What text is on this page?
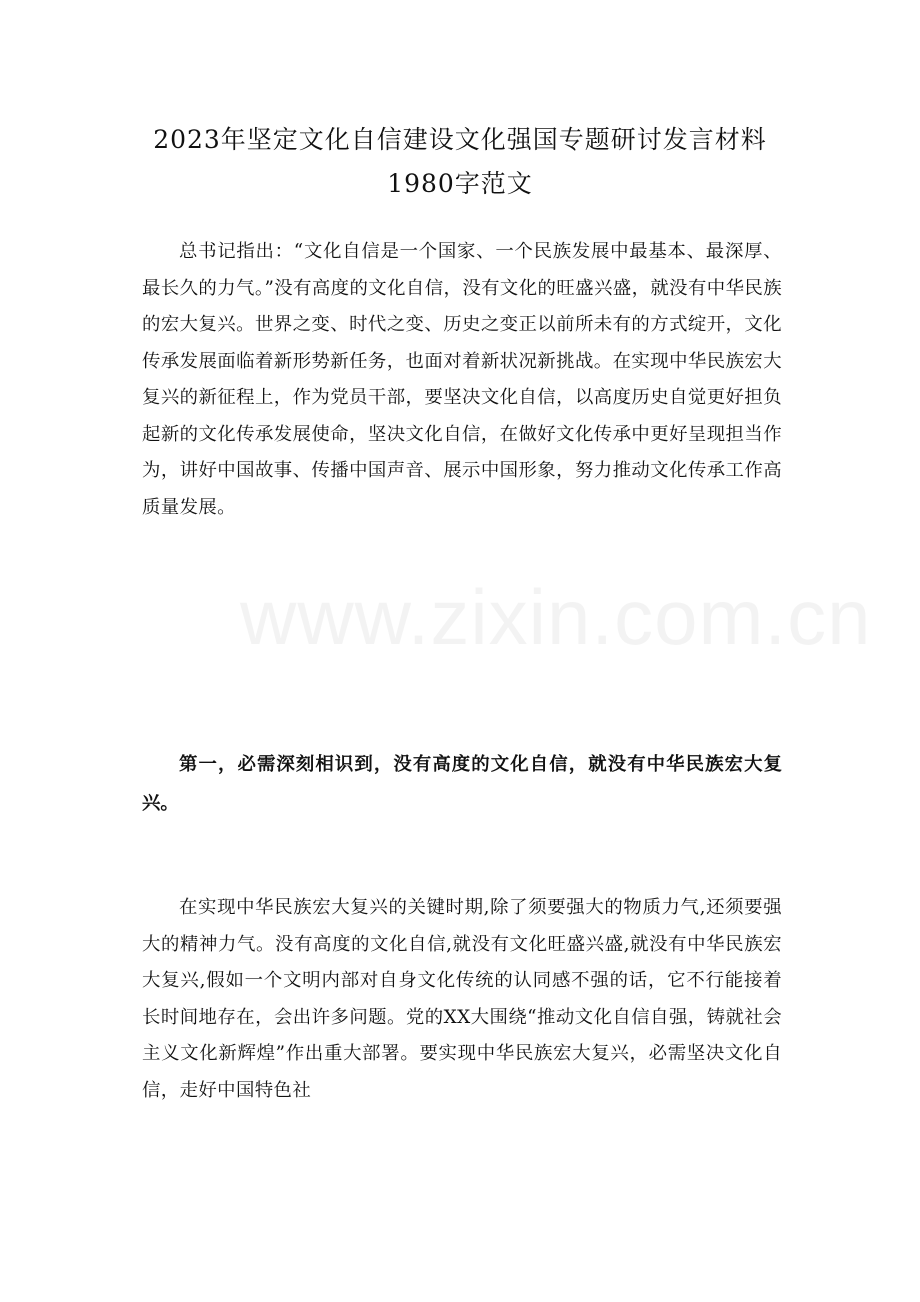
2023年坚定文化自信建设文化强国专题研讨发言材料1980字范文

总书记指出：“文化自信是一个国家、一个民族发展中最基本、最深厚、最长久的力气。”没有高度的文化自信，没有文化的旺盛兴盛，就没有中华民族的宏大复兴。世界之变、时代之变、历史之变正以前所未有的方式绽开，文化传承发展面临着新形势新任务，也面对着新状况新挑战。在实现中华民族宏大复兴的新征程上，作为党员干部，要坚决文化自信，以高度历史自觉更好担负起新的文化传承发展使命，坚决文化自信，在做好文化传承中更好呈现担当作为，讲好中国故事、传播中国声音、展示中国形象，努力推动文化传承工作高质量发展。

第一，必需深刻相识到，没有高度的文化自信，就没有中华民族宏大复兴。

在实现中华民族宏大复兴的关键时期,除了须要强大的物质力气,还须要强大的精神力气。没有高度的文化自信,就没有文化旺盛兴盛,就没有中华民族宏大复兴,假如一个文明内部对自身文化传统的认同感不强的话，它不行能接着长时间地存在，会出许多问题。党的XX大围绕“推动文化自信自强，铸就社会主义文化新辉煌”作出重大部署。要实现中华民族宏大复兴，必需坚决文化自信，走好中国特色社

www.zixin.com.cn
